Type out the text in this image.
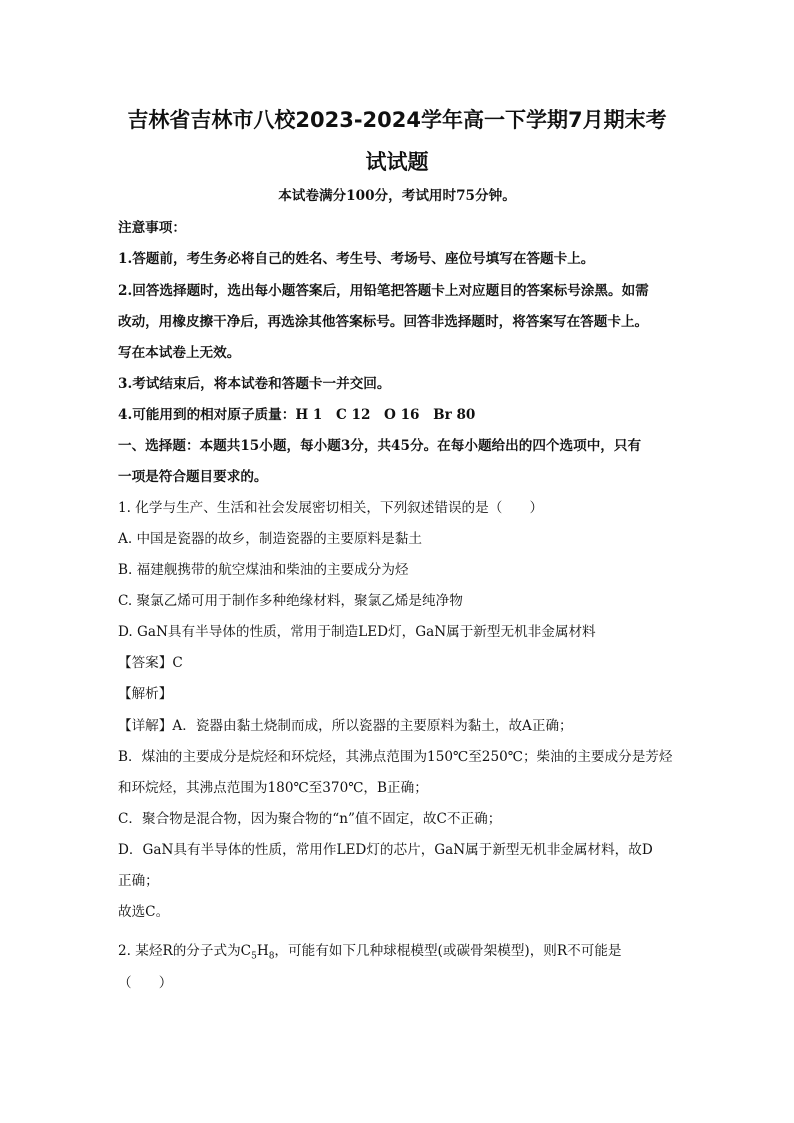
吉林省吉林市八校2023-2024学年高一下学期7月期末考
试试题
本试卷满分100分，考试用时75分钟。
注意事项：
1.答题前，考生务必将自己的姓名、考生号、考场号、座位号填写在答题卡上。
2.回答选择题时，选出每小题答案后，用铅笔把答题卡上对应题目的答案标号涂黑。如需
改动，用橡皮擦干净后，再选涂其他答案标号。回答非选择题时，将答案写在答题卡上。
写在本试卷上无效。
3.考试结束后，将本试卷和答题卡一并交回。
4.可能用到的相对原子质量：H 1　C 12　O 16　Br 80
一、选择题：本题共15小题，每小题3分，共45分。在每小题给出的四个选项中，只有
一项是符合题目要求的。
1. 化学与生产、生活和社会发展密切相关，下列叙述错误的是（　　）
A. 中国是瓷器的故乡，制造瓷器的主要原料是黏土
B. 福建舰携带的航空煤油和柴油的主要成分为烃
C. 聚氯乙烯可用于制作多种绝缘材料，聚氯乙烯是纯净物
D. GaN具有半导体的性质，常用于制造LED灯，GaN属于新型无机非金属材料
【答案】C
【解析】
【详解】A．瓷器由黏土烧制而成，所以瓷器的主要原料为黏土，故A正确；
B．煤油的主要成分是烷烃和环烷烃，其沸点范围为150℃至250℃；柴油的主要成分是芳烃
和环烷烃，其沸点范围为180℃至370℃，B正确；
C．聚合物是混合物，因为聚合物的“n”值不固定，故C不正确；
D．GaN具有半导体的性质，常用作LED灯的芯片，GaN属于新型无机非金属材料，故D
正确；
故选C。
2. 某烃R的分子式为$C_5H_8$，可能有如下几种球棍模型(或碳骨架模型)，则R不可能是
（　　）
